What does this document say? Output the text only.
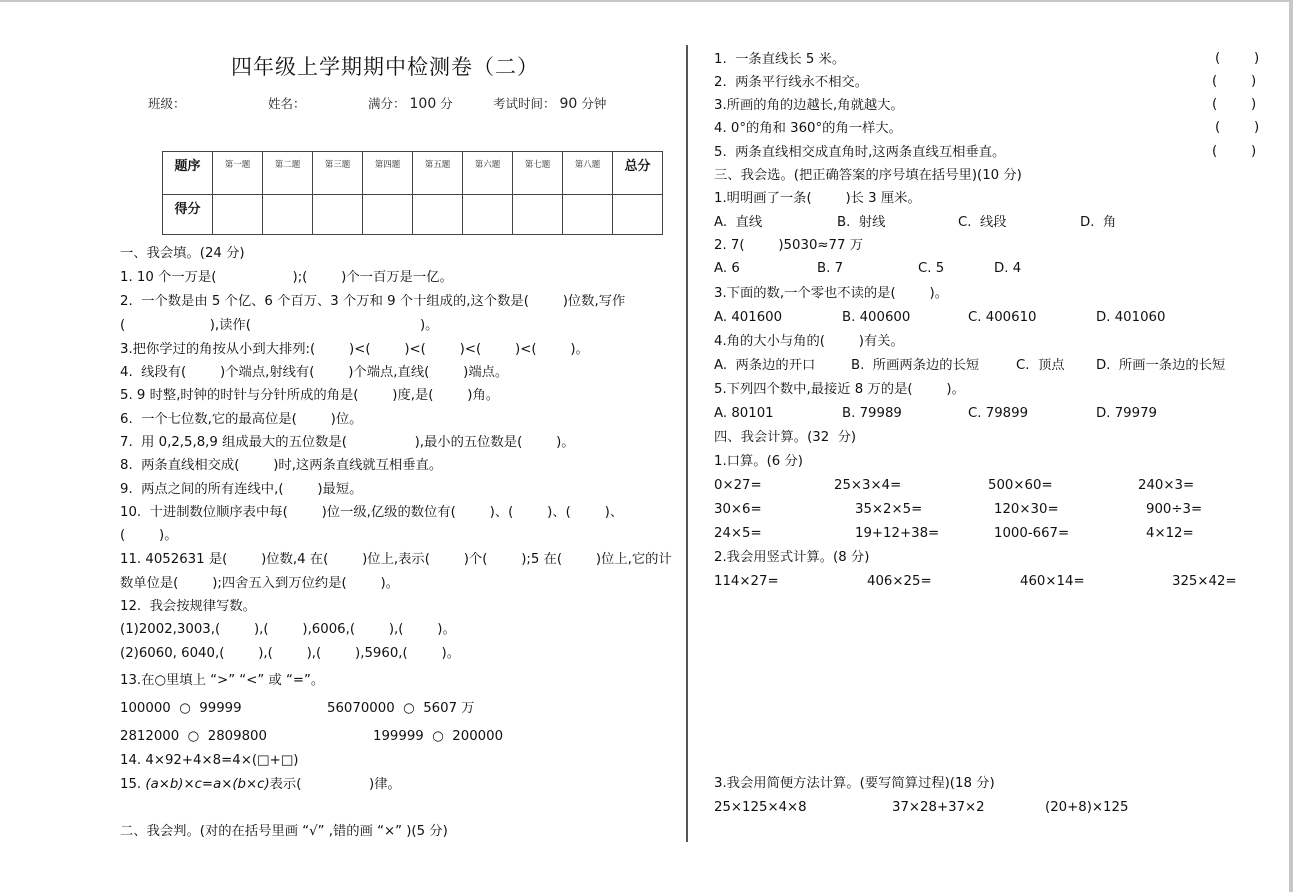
四年级上学期期中检测卷（二）
班级：	姓名：	满分： 100 分	考试时间： 90 分钟
题序	第一题	第二题	第三题	第四题	第五题	第六题	第七题	第八题	总分
得分									
一、我会填。(24 分)
1. 10 个一万是(                  );(        )个一百万是一亿。
2.  一个数是由 5 个亿、6 个百万、3 个万和 9 个十组成的,这个数是(        )位数,写作
(                    ),读作(                                        )。
3.把你学过的角按从小到大排列:(        )<(        )<(        )<(        )<(        )。
4.  线段有(        )个端点,射线有(        )个端点,直线(        )端点。
5. 9 时整,时钟的时针与分针所成的角是(        )度,是(        )角。
6.  一个七位数,它的最高位是(        )位。
7.  用 0,2,5,8,9 组成最大的五位数是(                ),最小的五位数是(        )。
8.  两条直线相交成(        )时,这两条直线就互相垂直。
9.  两点之间的所有连线中,(        )最短。
10.  十进制数位顺序表中每(        )位一级,亿级的数位有(        )、(        )、(        )、
(        )。
11. 4052631 是(        )位数,4 在(        )位上,表示(        )个(        );5 在(        )位上,它的计
数单位是(        );四舍五入到万位约是(        )。
12.  我会按规律写数。
(1)2002,3003,(        ),(        ),6006,(        ),(        )。
(2)6060, 6040,(        ),(        ),(        ),5960,(        )。
13.在○里填上 “>” “<” 或 “=”。
100000  ○  99999	56070000  ○  5607 万
2812000  ○  2809800	199999  ○  200000
14. 4×92+4×8=4×(□+□)
15. (a×b)×c=a×(b×c)表示(                )律。
二、我会判。(对的在括号里画 “√” ,错的画 “×” )(5 分)
1.  一条直线长 5 米。	(        )
2.  两条平行线永不相交。	(        )
3.所画的角的边越长,角就越大。	(        )
4. 0°的角和 360°的角一样大。	(        )
5.  两条直线相交成直角时,这两条直线互相垂直。	(        )
三、我会选。(把正确答案的序号填在括号里)(10 分)
1.明明画了一条(        )长 3 厘米。
A.  直线	B.  射线	C.  线段	D.  角
2. 7(        )5030≈77 万
A. 6	B. 7	C. 5	D. 4
3.下面的数,一个零也不读的是(        )。
A. 401600	B. 400600	C. 400610	D. 401060
4.角的大小与角的(        )有关。
A.  两条边的开口	B.  所画两条边的长短	C.  顶点 D.  所画一条边的长短
5.下列四个数中,最接近 8 万的是(        )。
A. 80101	B. 79989	C. 79899	D. 79979
四、我会计算。(32  分)
1.口算。(6 分)
0×27=	25×3×4=	500×60=	240×3=
30×6=	35×2×5=	120×30=	900÷3=
24×5=	19+12+38=	1000-667=	4×12=
2.我会用竖式计算。(8 分)
114×27=	406×25=	460×14=	325×42=
3.我会用简便方法计算。(要写简算过程)(18 分)
25×125×4×8	37×28+37×2	(20+8)×125
